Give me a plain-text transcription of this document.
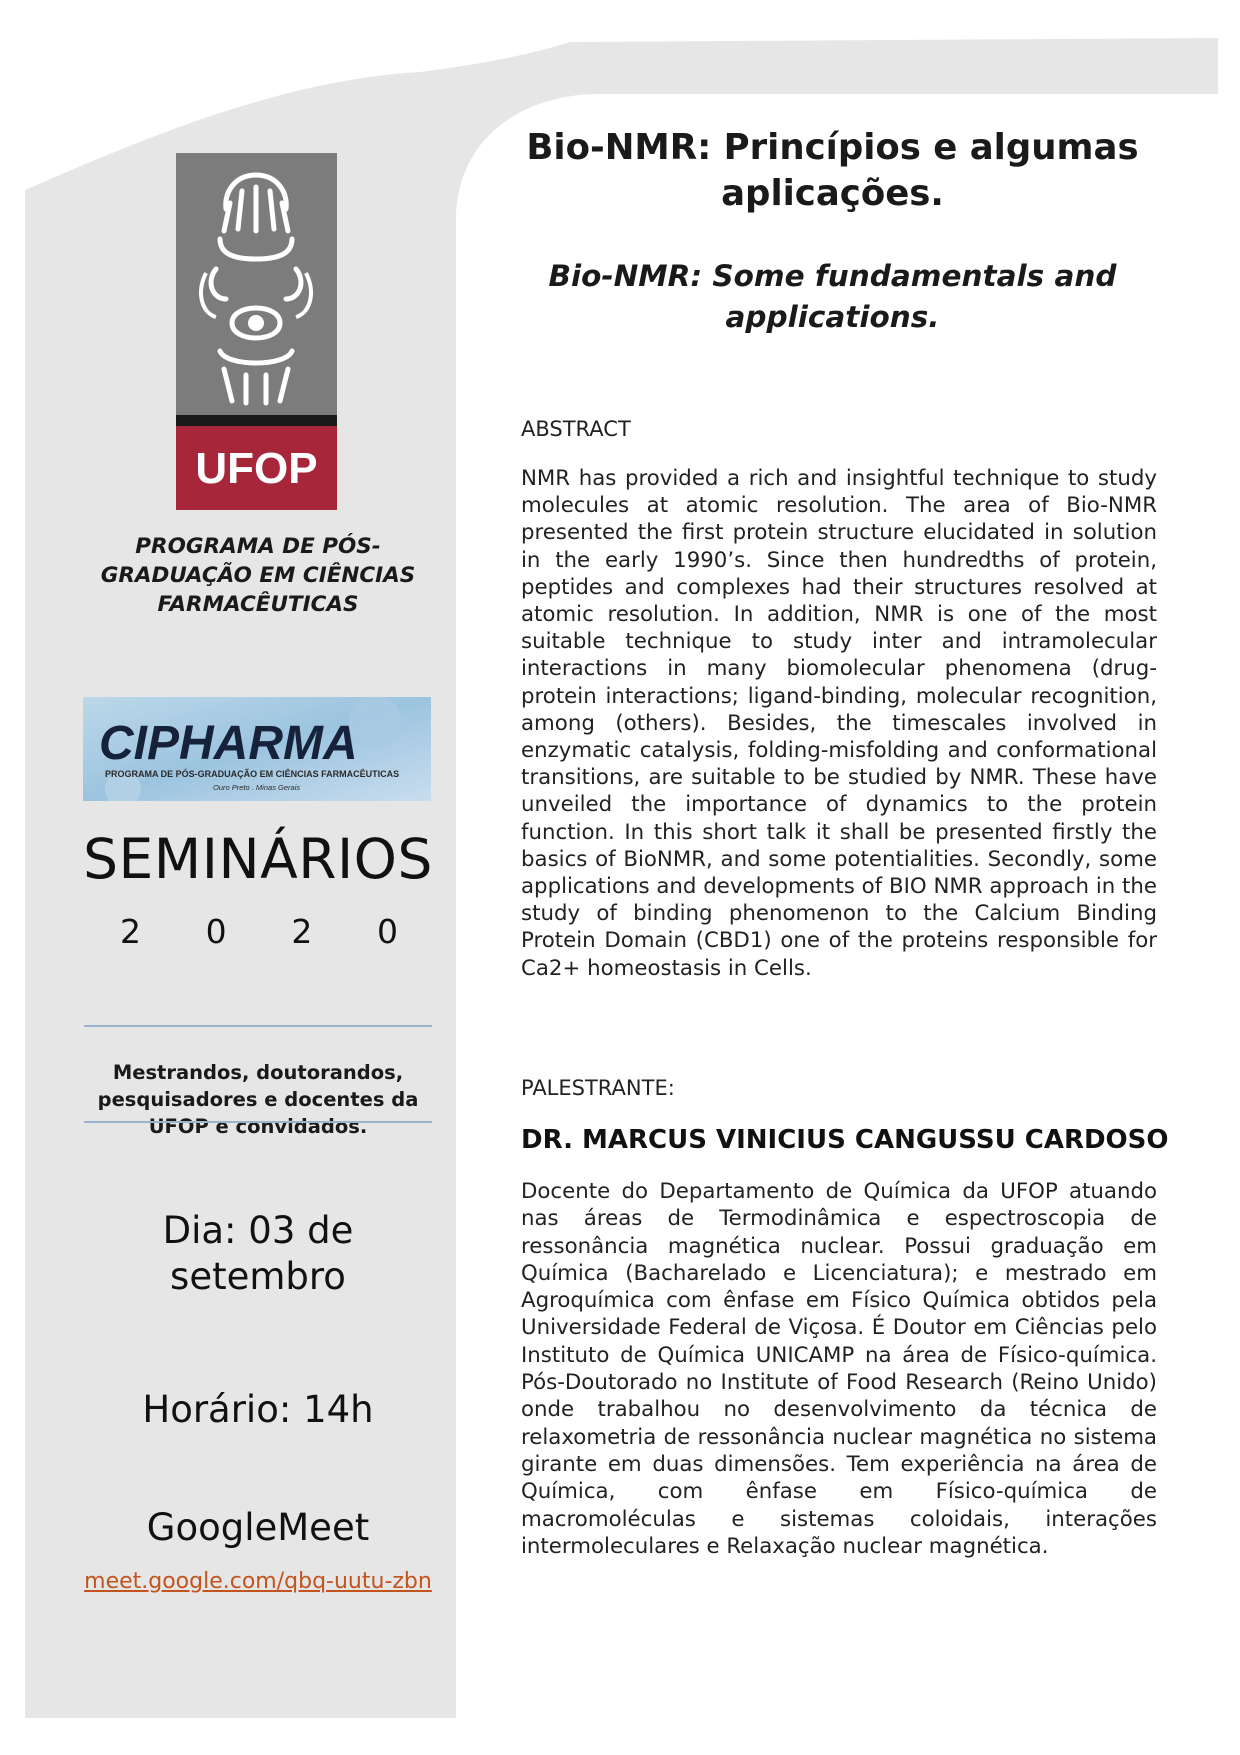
UFOP
PROGRAMA DE PÓS-GRADUAÇÃO EM CIÊNCIAS FARMACÊUTICAS
CIPHARMA
PROGRAMA DE PÓS-GRADUAÇÃO EM CIÊNCIAS FARMACÊUTICAS
Ouro Preto . Minas Gerais
SEMINÁRIOS
2 0 2 0
Mestrandos, doutorandos, pesquisadores e docentes da UFOP e convidados.
Dia: 03 de setembro
Horário: 14h
GoogleMeet
meet.google.com/qbq-uutu-zbn
Bio-NMR: Princípios e algumas aplicações.
Bio-NMR: Some fundamentals and applications.
ABSTRACT
NMR has provided a rich and insightful technique to study molecules at atomic resolution. The area of Bio-NMR presented the first protein structure elucidated in solution in the early 1990’s. Since then hundredths of protein, peptides and complexes had their structures resolved at atomic resolution. In addition, NMR is one of the most suitable technique to study inter and intramolecular interactions in many biomolecular phenomena (drug-protein interactions; ligand-binding, molecular recognition, among (others). Besides, the timescales involved in enzymatic catalysis, folding-misfolding and conformational transitions, are suitable to be studied by NMR. These have unveiled the importance of dynamics to the protein function. In this short talk it shall be presented firstly the basics of BioNMR, and some potentialities. Secondly, some applications and developments of BIO NMR approach in the study of binding phenomenon to the Calcium Binding Protein Domain (CBD1) one of the proteins responsible for Ca2+ homeostasis in Cells.
PALESTRANTE:
DR. MARCUS VINICIUS CANGUSSU CARDOSO
Docente do Departamento de Química da UFOP atuando nas áreas de Termodinâmica e espectroscopia de ressonância magnética nuclear. Possui graduação em Química (Bacharelado e Licenciatura); e mestrado em Agroquímica com ênfase em Físico Química obtidos pela Universidade Federal de Viçosa. É Doutor em Ciências pelo Instituto de Química UNICAMP na área de Físico-química. Pós-Doutorado no Institute of Food Research (Reino Unido) onde trabalhou no desenvolvimento da técnica de relaxometria de ressonância nuclear magnética no sistema girante em duas dimensões. Tem experiência na área de Química, com ênfase em Físico-química de macromoléculas e sistemas coloidais, interações intermoleculares e Relaxação nuclear magnética.
